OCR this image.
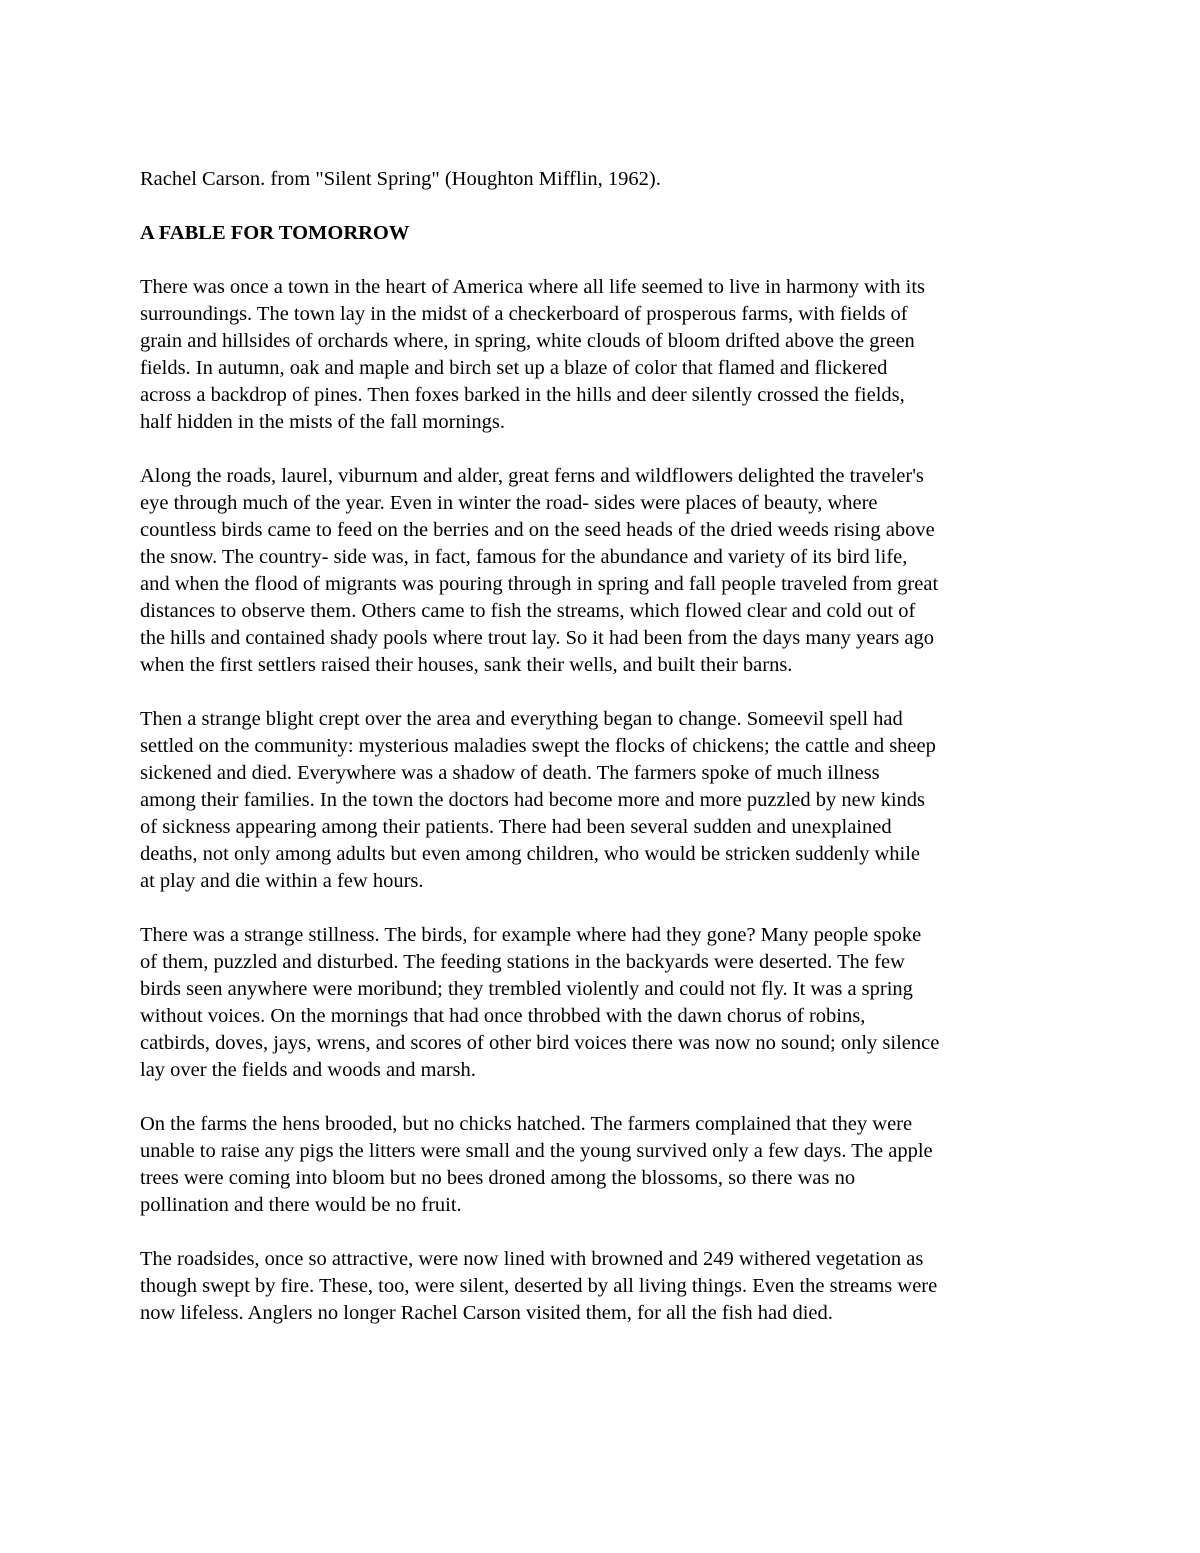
Rachel Carson. from "Silent Spring" (Houghton Mifflin, 1962).
A FABLE FOR TOMORROW
There was once a town in the heart of America where all life seemed to live in harmony with its
surroundings. The town lay in the midst of a checkerboard of prosperous farms, with fields of
grain and hillsides of orchards where, in spring, white clouds of bloom drifted above the green
fields. In autumn, oak and maple and birch set up a blaze of color that flamed and flickered
across a backdrop of pines. Then foxes barked in the hills and deer silently crossed the fields,
half hidden in the mists of the fall mornings.
Along the roads, laurel, viburnum and alder, great ferns and wildflowers delighted the traveler's
eye through much of the year. Even in winter the road- sides were places of beauty, where
countless birds came to feed on the berries and on the seed heads of the dried weeds rising above
the snow. The country- side was, in fact, famous for the abundance and variety of its bird life,
and when the flood of migrants was pouring through in spring and fall people traveled from great
distances to observe them. Others came to fish the streams, which flowed clear and cold out of
the hills and contained shady pools where trout lay. So it had been from the days many years ago
when the first settlers raised their houses, sank their wells, and built their barns.
Then a strange blight crept over the area and everything began to change. Someevil spell had
settled on the community: mysterious maladies swept the flocks of chickens; the cattle and sheep
sickened and died. Everywhere was a shadow of death. The farmers spoke of much illness
among their families. In the town the doctors had become more and more puzzled by new kinds
of sickness appearing among their patients. There had been several sudden and unexplained
deaths, not only among adults but even among children, who would be stricken suddenly while
at play and die within a few hours.
There was a strange stillness. The birds, for example where had they gone? Many people spoke
of them, puzzled and disturbed. The feeding stations in the backyards were deserted. The few
birds seen anywhere were moribund; they trembled violently and could not fly. It was a spring
without voices. On the mornings that had once throbbed with the dawn chorus of robins,
catbirds, doves, jays, wrens, and scores of other bird voices there was now no sound; only silence
lay over the fields and woods and marsh.
On the farms the hens brooded, but no chicks hatched. The farmers complained that they were
unable to raise any pigs the litters were small and the young survived only a few days. The apple
trees were coming into bloom but no bees droned among the blossoms, so there was no
pollination and there would be no fruit.
The roadsides, once so attractive, were now lined with browned and 249 withered vegetation as
though swept by fire. These, too, were silent, deserted by all living things. Even the streams were
now lifeless. Anglers no longer Rachel Carson visited them, for all the fish had died.
